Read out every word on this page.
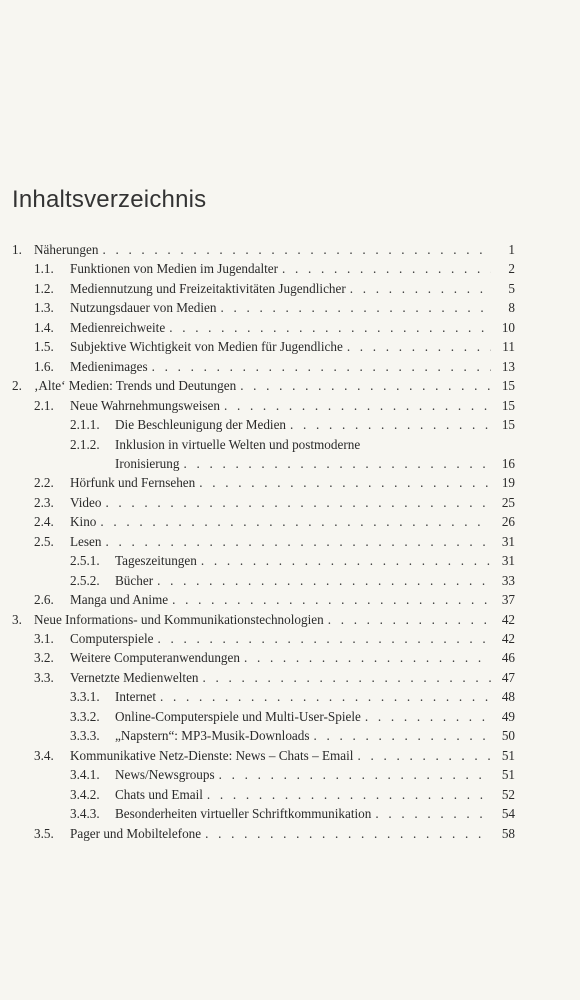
Inhaltsverzeichnis
1. Näherungen . . .	1
1.1. Funktionen von Medien im Jugendalter . . .	2
1.2. Mediennutzung und Freizeitaktivitäten Jugendlicher . . .	5
1.3. Nutzungsdauer von Medien . . .	8
1.4. Medienreichweite . . .	10
1.5. Subjektive Wichtigkeit von Medien für Jugendliche . . .	11
1.6. Medienimages . . .	13
2. ‚Alte‘ Medien: Trends und Deutungen . . .	15
2.1. Neue Wahrnehmungsweisen . . .	15
2.1.1. Die Beschleunigung der Medien . . .	15
2.1.2. Inklusion in virtuelle Welten und postmoderne
Ironisierung . . .	16
2.2. Hörfunk und Fernsehen . . .	19
2.3. Video . . .	25
2.4. Kino . . .	26
2.5. Lesen . . .	31
2.5.1. Tageszeitungen . . .	31
2.5.2. Bücher . . .	33
2.6. Manga und Anime . . .	37
3. Neue Informations- und Kommunikationstechnologien . . .	42
3.1. Computerspiele . . .	42
3.2. Weitere Computeranwendungen . . .	46
3.3. Vernetzte Medienwelten . . .	47
3.3.1. Internet . . .	48
3.3.2. Online-Computerspiele und Multi-User-Spiele . . .	49
3.3.3. „Napstern“: MP3-Musik-Downloads . . .	50
3.4. Kommunikative Netz-Dienste: News – Chats – Email . . .	51
3.4.1. News/Newsgroups . . .	51
3.4.2. Chats und Email . . .	52
3.4.3. Besonderheiten virtueller Schriftkommunikation . . .	54
3.5. Pager und Mobiltelefone . . .	58
